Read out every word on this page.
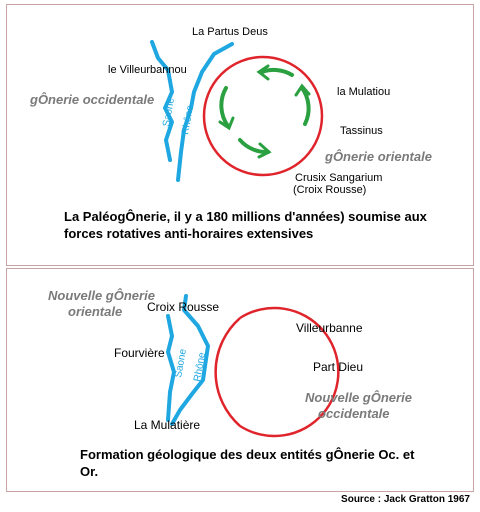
Saone Rhône
Saone Rhône
La Partus Deus
le Villeurbannou
la Mulatiou
Tassinus
Crusix Sangarium
(Croix Rousse)
gÔnerie occidentale
gÔnerie orientale
La PaléogÔnerie, il y a 180 millions d'années) soumise aux
forces rotatives anti-horaires extensives
Nouvelle gÔnerie
orientale Croix Rousse
Fourvière
La Mulatière
Villeurbanne
Part Dieu
Nouvelle gÔnerie
occidentale
Formation géologique des deux entités gÔnerie Oc. et
Or.
Source : Jack Gratton 1967
